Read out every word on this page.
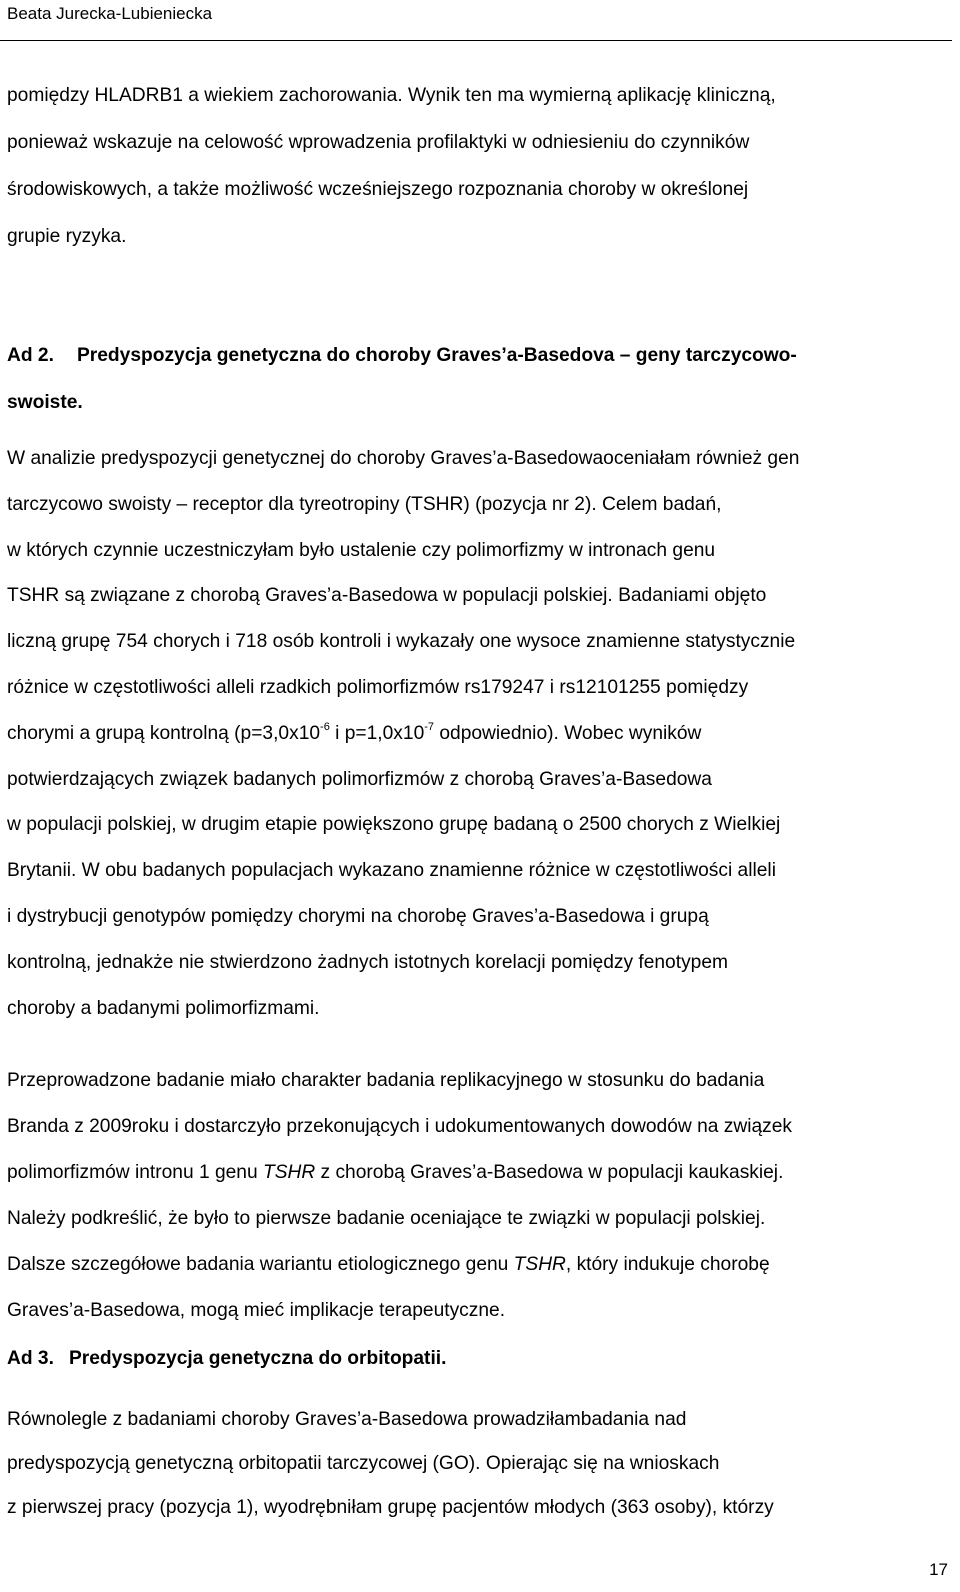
Beata Jurecka-Lubieniecka
pomiędzy HLADRB1 a wiekiem zachorowania. Wynik ten ma wymierną aplikację kliniczną,
ponieważ wskazuje na celowość wprowadzenia profilaktyki w odniesieniu do czynników
środowiskowych, a także możliwość wcześniejszego rozpoznania choroby w określonej
grupie ryzyka.
Ad 2. Predyspozycja genetyczna do choroby Graves’a-Basedova – geny tarczycowo-
swoiste.
W analizie predyspozycji genetycznej do choroby Graves’a-Basedowaoceniałam również gen
tarczycowo swoisty – receptor dla tyreotropiny (TSHR) (pozycja nr 2). Celem badań,
w których czynnie uczestniczyłam było ustalenie czy polimorfizmy w intronach genu
TSHR są związane z chorobą Graves’a-Basedowa w populacji polskiej. Badaniami objęto
liczną grupę 754 chorych i 718 osób kontroli i wykazały one wysoce znamienne statystycznie
różnice w częstotliwości alleli rzadkich polimorfizmów rs179247 i rs12101255 pomiędzy
chorymi a grupą kontrolną ($p=3,0x10^{-6}$ i $p=1,0x10^{-7}$ odpowiednio). Wobec wyników
potwierdzających związek badanych polimorfizmów z chorobą Graves’a-Basedowa
w populacji polskiej, w drugim etapie powiększono grupę badaną o 2500 chorych z Wielkiej
Brytanii. W obu badanych populacjach wykazano znamienne różnice w częstotliwości alleli
i dystrybucji genotypów pomiędzy chorymi na chorobę Graves’a-Basedowa i grupą
kontrolną, jednakże nie stwierdzono żadnych istotnych korelacji pomiędzy fenotypem
choroby a badanymi polimorfizmami.
Przeprowadzone badanie miało charakter badania replikacyjnego w stosunku do badania
Branda z 2009roku i dostarczyło przekonujących i udokumentowanych dowodów na związek
polimorfizmów intronu 1 genu TSHR z chorobą Graves’a-Basedowa w populacji kaukaskiej.
Należy podkreślić, że było to pierwsze badanie oceniające te związki w populacji polskiej.
Dalsze szczegółowe badania wariantu etiologicznego genu TSHR, który indukuje chorobę
Graves’a-Basedowa, mogą mieć implikacje terapeutyczne.
Ad 3. Predyspozycja genetyczna do orbitopatii.
Równolegle z badaniami choroby Graves’a-Basedowa prowadziłambadania nad
predyspozycją genetyczną orbitopatii tarczycowej (GO). Opierając się na wnioskach
z pierwszej pracy (pozycja 1), wyodrębniłam grupę pacjentów młodych (363 osoby), którzy
17
